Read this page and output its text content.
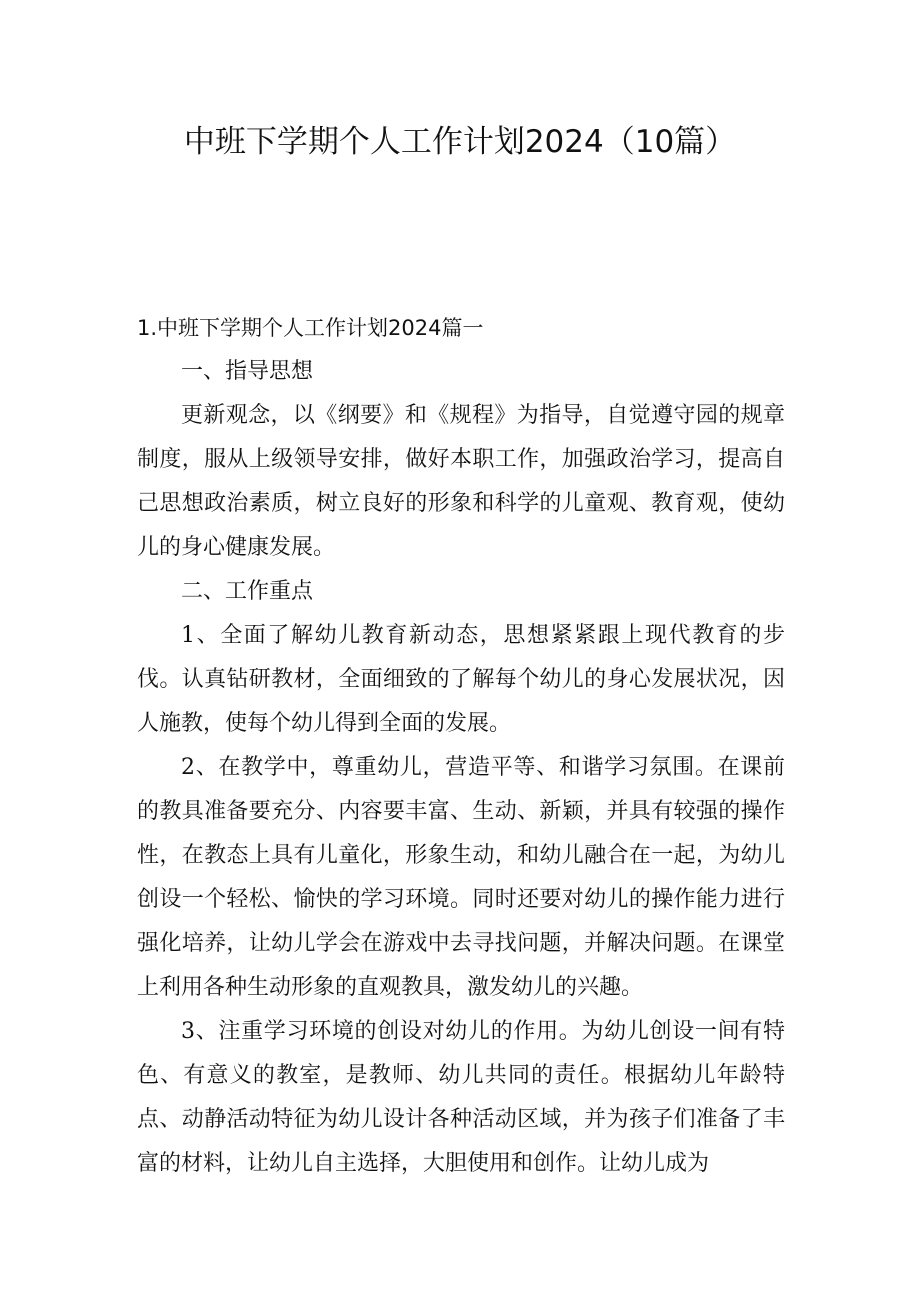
中班下学期个人工作计划2024（10篇）

1.中班下学期个人工作计划2024篇一

一、指导思想

更新观念，以《纲要》和《规程》为指导，自觉遵守园的规章制度，服从上级领导安排，做好本职工作，加强政治学习，提高自己思想政治素质，树立良好的形象和科学的儿童观、教育观，使幼儿的身心健康发展。

二、工作重点

1、全面了解幼儿教育新动态，思想紧紧跟上现代教育的步伐。认真钻研教材，全面细致的了解每个幼儿的身心发展状况，因人施教，使每个幼儿得到全面的发展。

2、在教学中，尊重幼儿，营造平等、和谐学习氛围。在课前的教具准备要充分、内容要丰富、生动、新颖，并具有较强的操作性，在教态上具有儿童化，形象生动，和幼儿融合在一起，为幼儿创设一个轻松、愉快的学习环境。同时还要对幼儿的操作能力进行强化培养，让幼儿学会在游戏中去寻找问题，并解决问题。在课堂上利用各种生动形象的直观教具，激发幼儿的兴趣。

3、注重学习环境的创设对幼儿的作用。为幼儿创设一间有特色、有意义的教室，是教师、幼儿共同的责任。根据幼儿年龄特点、动静活动特征为幼儿设计各种活动区域，并为孩子们准备了丰富的材料，让幼儿自主选择，大胆使用和创作。让幼儿成为
